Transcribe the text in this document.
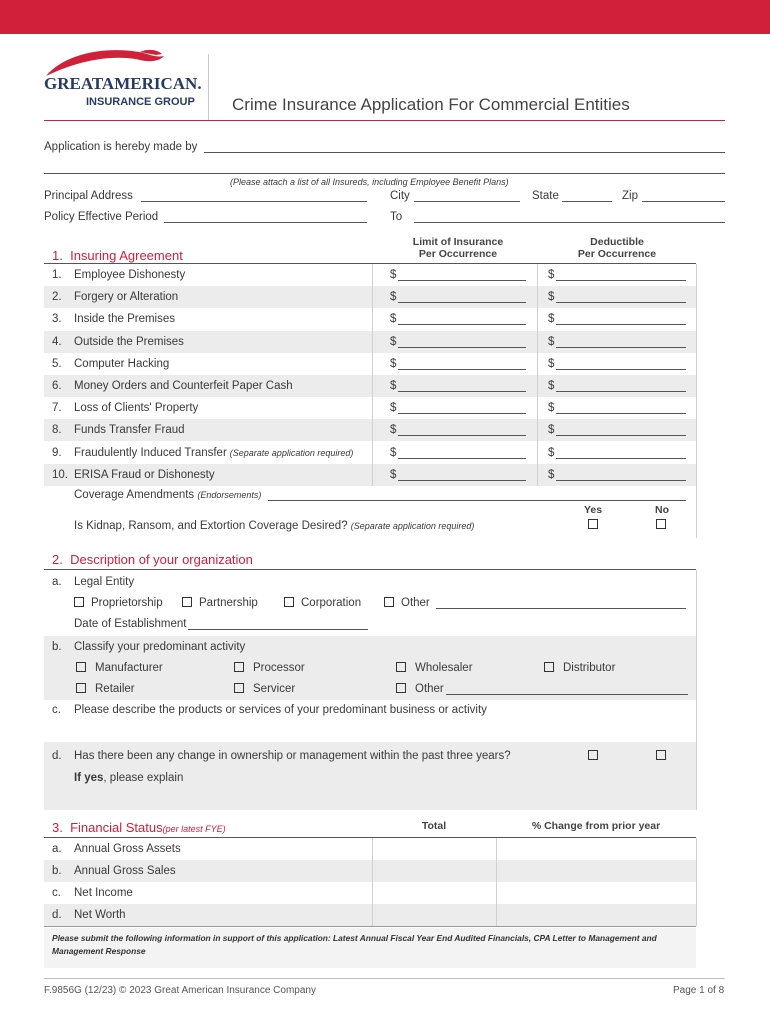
GREATAMERICAN.
INSURANCE GROUP Crime Insurance Application For Commercial Entities
Application is hereby made by
(Please attach a list of all Insureds, including Employee Benefit Plans)
Principal Address	City	State	Zip
Policy Effective Period	To
1. Insuring Agreement
Limit of Insurance
Per Occurrence
Deductible
Per Occurrence
1. Employee Dishonesty	$	$
2. Forgery or Alteration	$	$
3. Inside the Premises	$	$
4. Outside the Premises	$	$
5. Computer Hacking	$	$
6. Money Orders and Counterfeit Paper Cash	$	$
7. Loss of Clients' Property	$	$
8. Funds Transfer Fraud	$	$
9. Fraudulently Induced Transfer (Separate application required)	$	$
10. ERISA Fraud or Dishonesty	$	$
Coverage Amendments (Endorsements)
Yes	No
Is Kidnap, Ransom, and Extortion Coverage Desired? (Separate application required)
2. Description of your organization
a. Legal Entity
Proprietorship	Partnership	Corporation	Other
Date of Establishment
b. Classify your predominant activity
Manufacturer	Processor	Wholesaler	Distributor
Retailer	Servicer	Other
c. Please describe the products or services of your predominant business or activity
d. Has there been any change in ownership or management within the past three years?
If yes, please explain
3. Financial Status(per latest FYE)	Total	% Change from prior year
a. Annual Gross Assets
b. Annual Gross Sales
c. Net Income
d. Net Worth
Please submit the following information in support of this application: Latest Annual Fiscal Year End Audited Financials, CPA Letter to Management and
Management Response
F.9856G (12/23) © 2023 Great American Insurance Company	Page 1 of 8
